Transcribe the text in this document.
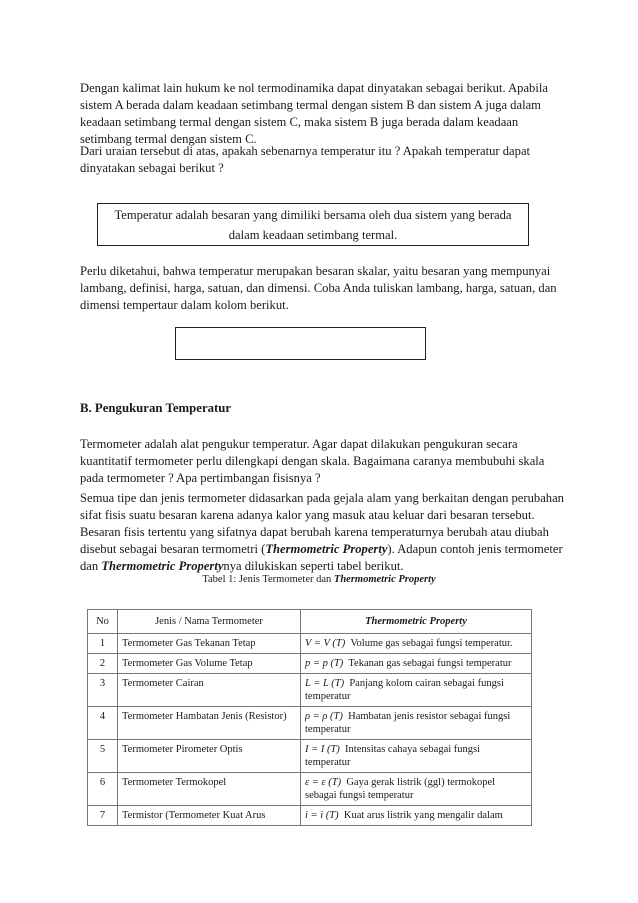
Dengan kalimat lain hukum ke nol termodinamika dapat dinyatakan sebagai berikut. Apabila sistem A berada dalam keadaan setimbang termal dengan sistem B dan sistem A juga dalam keadaan setimbang termal dengan sistem C, maka sistem B juga berada dalam keadaan setimbang termal dengan sistem C.

Dari uraian tersebut di atas, apakah sebenarnya temperatur itu ? Apakah temperatur dapat dinyatakan sebagai berikut ?

Temperatur adalah besaran yang dimiliki bersama oleh dua sistem yang berada dalam keadaan setimbang termal.

Perlu diketahui, bahwa temperatur merupakan besaran skalar, yaitu besaran yang mempunyai lambang, definisi, harga, satuan, dan dimensi. Coba Anda tuliskan lambang, harga, satuan, dan dimensi tempertaur dalam kolom berikut.

B. Pengukuran Temperatur

Termometer adalah alat pengukur temperatur. Agar dapat dilakukan pengukuran secara kuantitatif termometer perlu dilengkapi dengan skala. Bagaimana caranya membubuhi skala pada termometer ? Apa pertimbangan fisisnya ?

Semua tipe dan jenis termometer didasarkan pada gejala alam yang berkaitan dengan perubahan sifat fisis suatu besaran karena adanya kalor yang masuk atau keluar dari besaran tersebut. Besaran fisis tertentu yang sifatnya dapat berubah karena temperaturnya berubah atau diubah disebut sebagai besaran termometri (Thermometric Property). Adapun contoh jenis termometer dan Thermometric Propertynya dilukiskan seperti tabel berikut.

Tabel 1: Jenis Termometer dan Thermometric Property
No	Jenis / Nama Termometer	Thermometric Property
1	Termometer Gas Tekanan Tetap	V = V (T) Volume gas sebagai fungsi temperatur.
2	Termometer Gas Volume Tetap	p = p (T) Tekanan gas sebagai fungsi temperatur
3	Termometer Cairan	L = L (T) Panjang kolom cairan sebagai fungsi temperatur
4	Termometer Hambatan Jenis (Resistor)	ρ = ρ (T) Hambatan jenis resistor sebagai fungsi temperatur
5	Termometer Pirometer Optis	I = I (T) Intensitas cahaya sebagai fungsi temperatur
6	Termometer Termokopel	ε = ε (T) Gaya gerak listrik (ggl) termokopel sebagai fungsi temperatur
7	Termistor (Termometer Kuat Arus	i = i (T) Kuat arus listrik yang mengalir dalam
